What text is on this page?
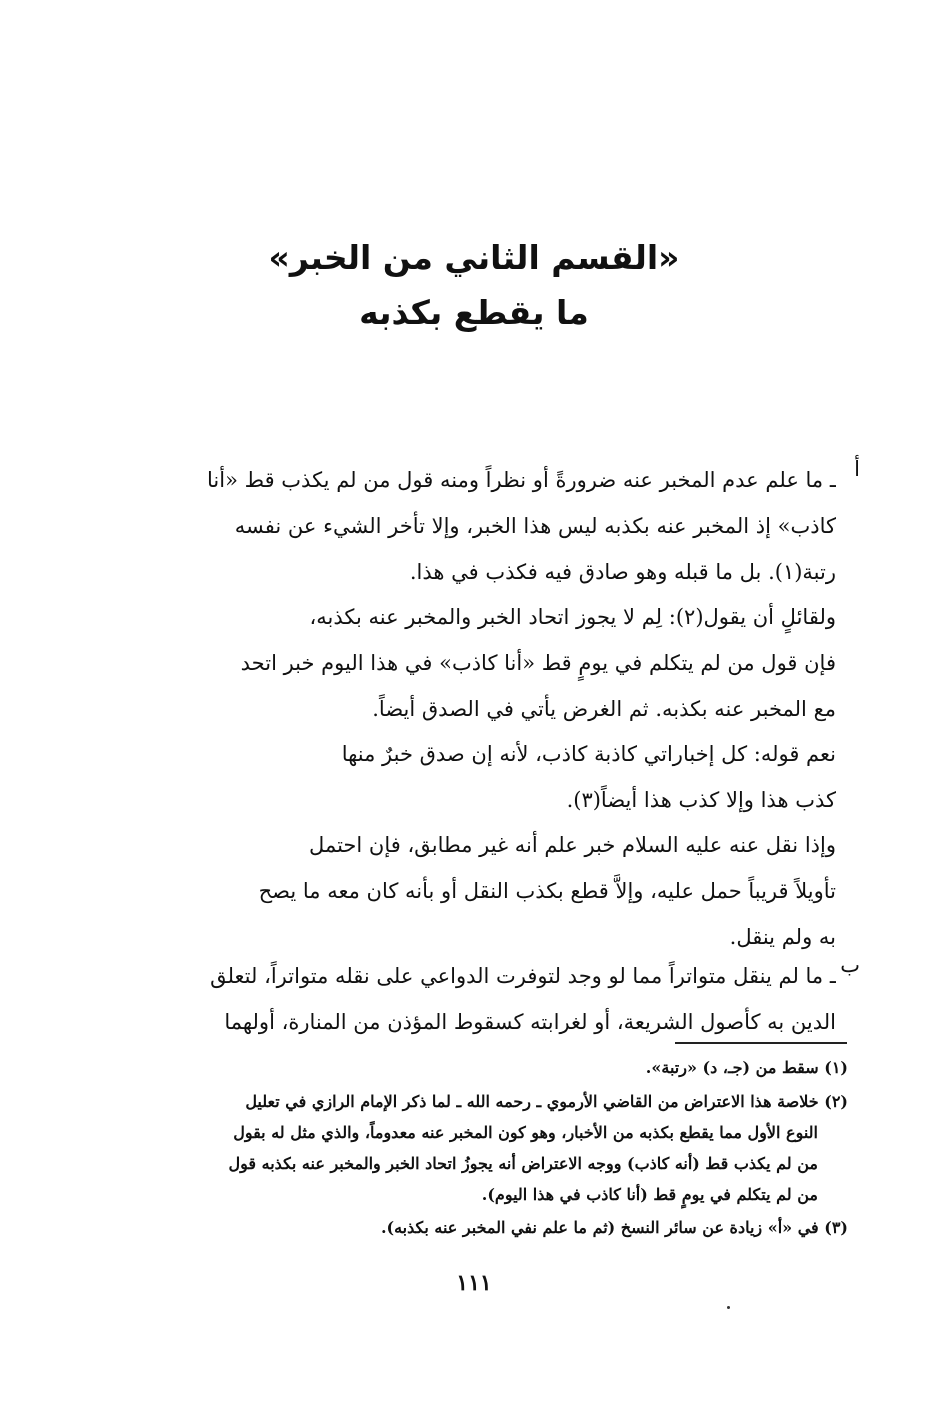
«القسم الثاني من الخبر»
ما يقطع بكذبه
أ
ـ ما علم عدم المخبر عنه ضرورةً أو نظراً ومنه قول من لم يكذب قط «أنا
كاذب» إذ المخبر عنه بكذبه ليس هذا الخبر، وإلا تأخر الشيء عن نفسه
رتبة(١). بل ما قبله وهو صادق فيه فكذب في هذا.
ولقائلٍ أن يقول(٢): لِم لا يجوز اتحاد الخبر والمخبر عنه بكذبه،
فإن قول من لم يتكلم في يومٍ قط «أنا كاذب» في هذا اليوم خبر اتحد
مع المخبر عنه بكذبه. ثم الغرض يأتي في الصدق أيضاً.
نعم قوله: كل إخباراتي كاذبة كاذب، لأنه إن صدق خبرٌ منها
كذب هذا وإلا كذب هذا أيضاً(٣).
وإذا نقل عنه عليه السلام خبر علم أنه غير مطابق، فإن احتمل
تأويلاً قريباً حمل عليه، وإلاَّ قطع بكذب النقل أو بأنه كان معه ما يصح
به ولم ينقل.
ب
ـ ما لم ينقل متواتراً مما لو وجد لتوفرت الدواعي على نقله متواتراً، لتعلق
الدين به كأصول الشريعة، أو لغرابته كسقوط المؤذن من المنارة، أولهما
(١) سقط من (جـ، د) «رتبة».
(٢) خلاصة هذا الاعتراض من القاضي الأرموي ـ رحمه الله ـ لما ذكر الإمام الرازي في تعليل
النوع الأول مما يقطع بكذبه من الأخبار، وهو كون المخبر عنه معدوماً، والذي مثل له بقول
من لم يكذب قط (أنه كاذب) ووجه الاعتراض أنه يجوزُ اتحاد الخبر والمخبر عنه بكذبه قول
من لم يتكلم في يومٍ قط (أنا كاذب في هذا اليوم).
(٣) في «أ» زيادة عن سائر النسخ (ثم ما علم نفي المخبر عنه بكذبه).
١١١
